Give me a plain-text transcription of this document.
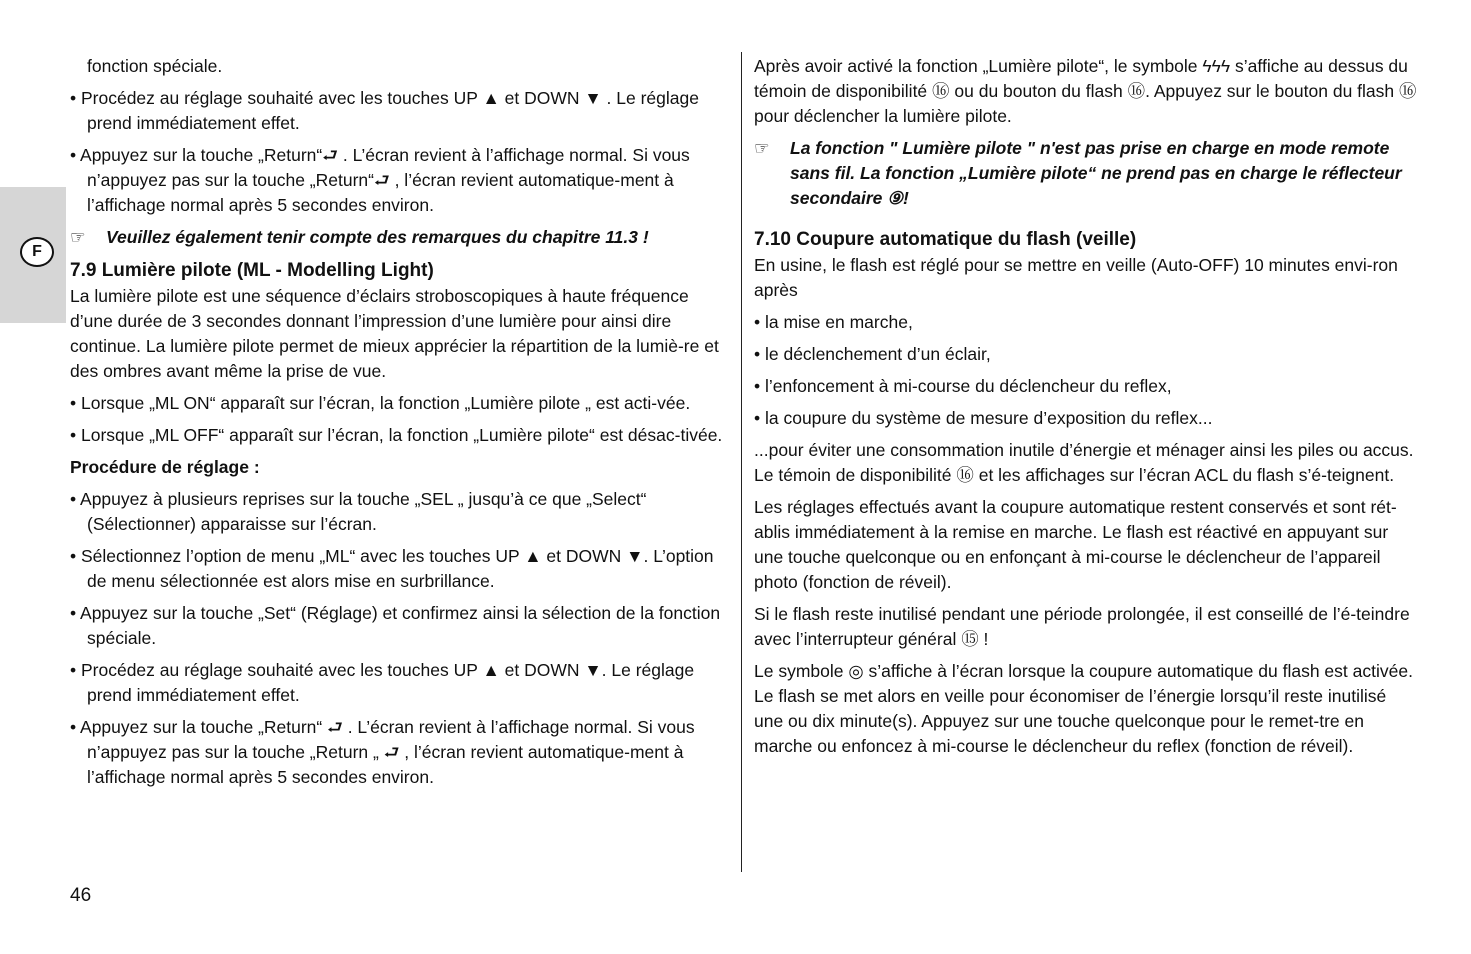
F

fonction spéciale.

• Procédez au réglage souhaité avec les touches UP ▲ et DOWN ▼ . Le réglage prend immédiatement effet.

• Appuyez sur la touche „Return“⮐ . L’écran revient à l’affichage normal. Si vous n’appuyez pas sur la touche „Return“⮐ , l’écran revient automatique-ment à l’affichage normal après 5 secondes environ.

☞ Veuillez également tenir compte des remarques du chapitre 11.3 !

7.9 Lumière pilote (ML - Modelling Light)

La lumière pilote est une séquence d’éclairs stroboscopiques à haute fréquence d’une durée de 3 secondes donnant l’impression d’une lumière pour ainsi dire continue. La lumière pilote permet de mieux apprécier la répartition de la lumiè-re et des ombres avant même la prise de vue.

• Lorsque „ML ON“ apparaît sur l’écran, la fonction „Lumière pilote „ est acti-vée.

• Lorsque „ML OFF“ apparaît sur l’écran, la fonction „Lumière pilote“ est désac-tivée.

Procédure de réglage :

• Appuyez à plusieurs reprises sur la touche „SEL „ jusqu’à ce que „Select“ (Sélectionner) apparaisse sur l’écran.

• Sélectionnez l’option de menu „ML“ avec les touches UP ▲ et DOWN ▼. L’option de menu sélectionnée est alors mise en surbrillance.

• Appuyez sur la touche „Set“ (Réglage) et confirmez ainsi la sélection de la fonction spéciale.

• Procédez au réglage souhaité avec les touches UP ▲ et DOWN ▼. Le réglage prend immédiatement effet.

• Appuyez sur la touche „Return“ ⮐ . L’écran revient à l’affichage normal. Si vous n’appuyez pas sur la touche „Return „ ⮐ , l’écran revient automatique-ment à l’affichage normal après 5 secondes environ.

Après avoir activé la fonction „Lumière pilote“, le symbole ϟϟϟ s’affiche au dessus du témoin de disponibilité ⑯ ou du bouton du flash ⑯. Appuyez sur le bouton du flash ⑯ pour déclencher la lumière pilote.

☞ La fonction " Lumière pilote " n'est pas prise en charge en mode remote sans fil. La fonction „Lumière pilote“ ne prend pas en charge le réflecteur secondaire ⑨!

7.10 Coupure automatique du flash (veille)

En usine, le flash est réglé pour se mettre en veille (Auto-OFF) 10 minutes envi-ron après

• la mise en marche,

• le déclenchement d’un éclair,

• l’enfoncement à mi-course du déclencheur du reflex,

• la coupure du système de mesure d’exposition du reflex...

...pour éviter une consommation inutile d’énergie et ménager ainsi les piles ou accus. Le témoin de disponibilité ⑯ et les affichages sur l’écran ACL du flash s’é-teignent.

Les réglages effectués avant la coupure automatique restent conservés et sont rét-ablis immédiatement à la remise en marche. Le flash est réactivé en appuyant sur une touche quelconque ou en enfonçant à mi-course le déclencheur de l’appareil photo (fonction de réveil).

Si le flash reste inutilisé pendant une période prolongée, il est conseillé de l’é-teindre avec l’interrupteur général ⑮ !

Le symbole ◎ s’affiche à l’écran lorsque la coupure automatique du flash est activée. Le flash se met alors en veille pour économiser de l’énergie lorsqu’il reste inutilisé une ou dix minute(s). Appuyez sur une touche quelconque pour le remet-tre en marche ou enfoncez à mi-course le déclencheur du reflex (fonction de réveil).

46
